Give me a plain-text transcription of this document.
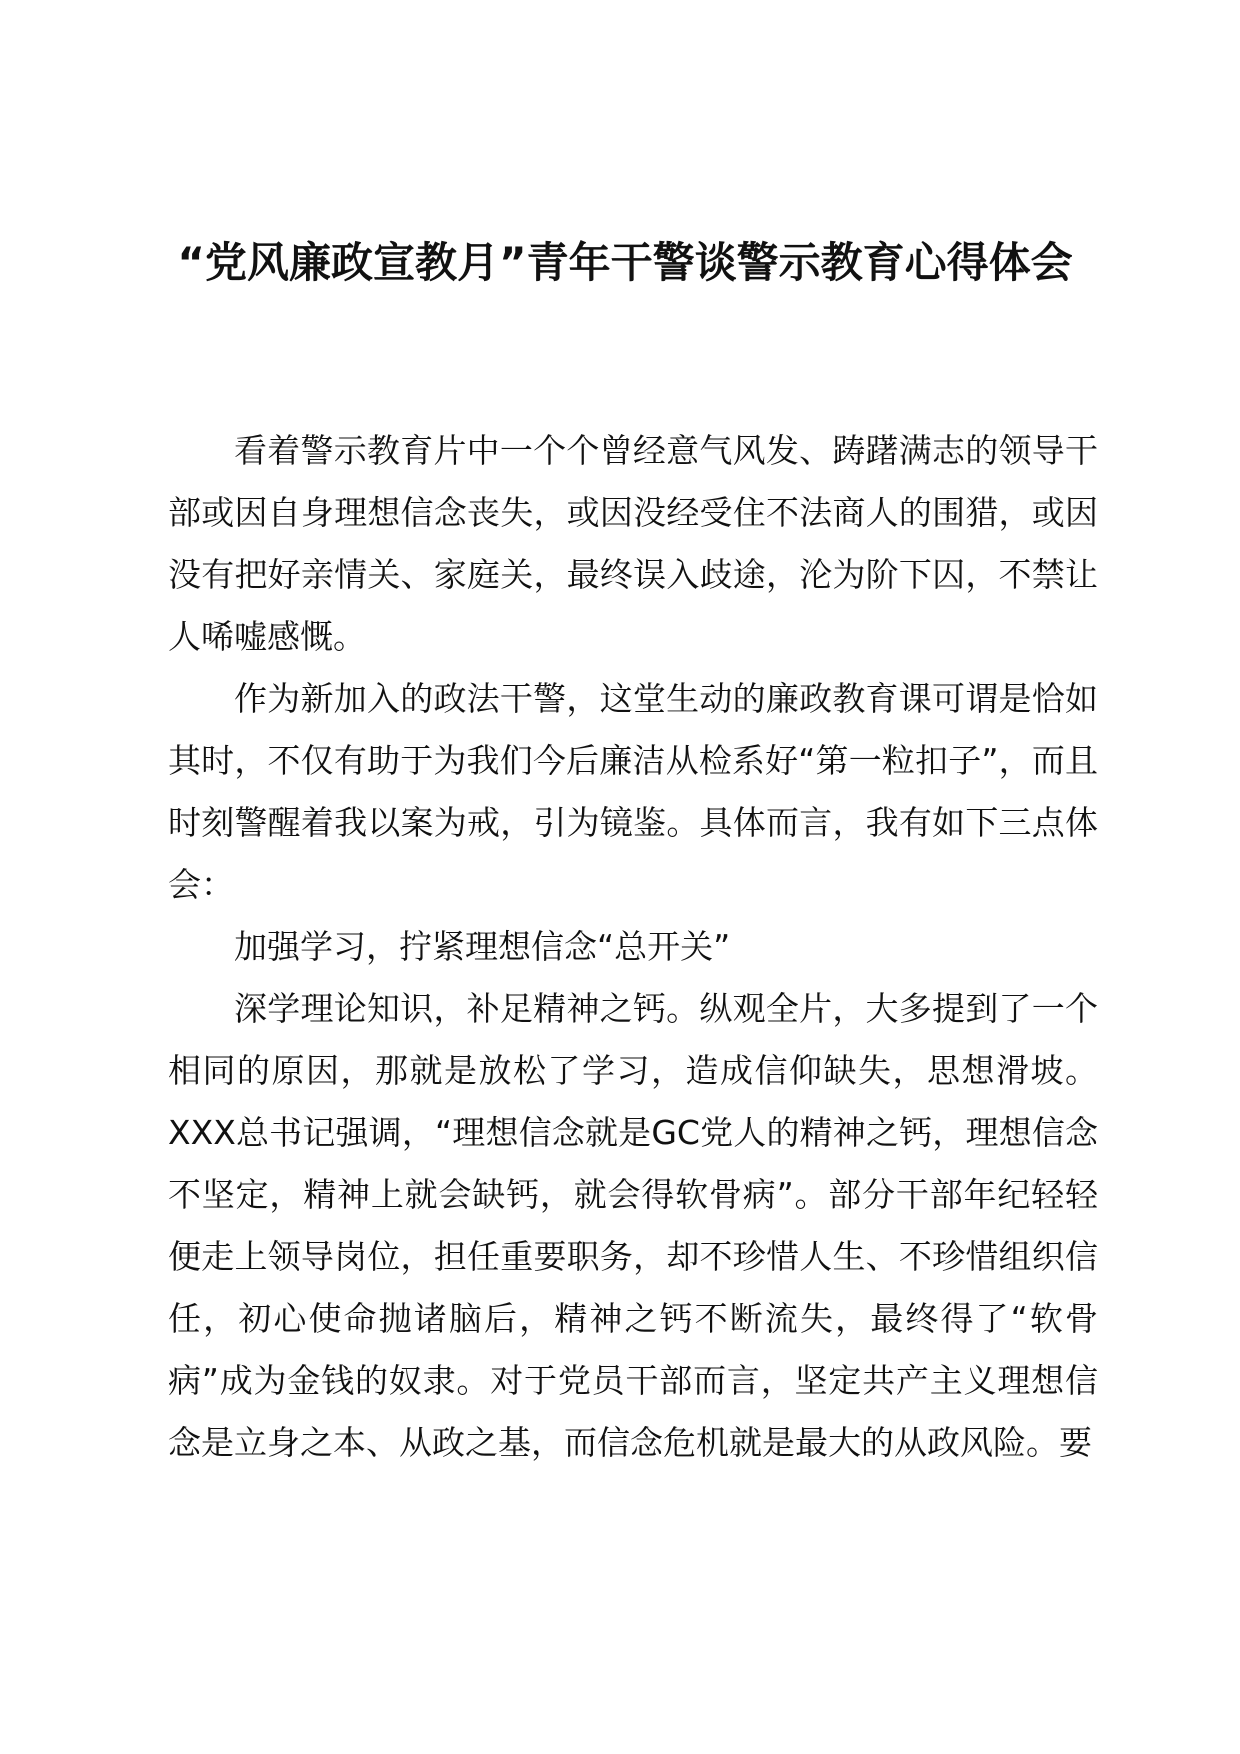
“党风廉政宣教月”青年干警谈警示教育心得体会

看着警示教育片中一个个曾经意气风发、踌躇满志的领导干部或因自身理想信念丧失，或因没经受住不法商人的围猎，或因没有把好亲情关、家庭关，最终误入歧途，沦为阶下囚，不禁让人唏嘘感慨。

作为新加入的政法干警，这堂生动的廉政教育课可谓是恰如其时，不仅有助于为我们今后廉洁从检系好“第一粒扣子”，而且时刻警醒着我以案为戒，引为镜鉴。具体而言，我有如下三点体会：

加强学习，拧紧理想信念“总开关”

深学理论知识，补足精神之钙。纵观全片，大多提到了一个相同的原因，那就是放松了学习，造成信仰缺失，思想滑坡。XXX总书记强调，“理想信念就是GC党人的精神之钙，理想信念不坚定，精神上就会缺钙，就会得软骨病”。部分干部年纪轻轻便走上领导岗位，担任重要职务，却不珍惜人生、不珍惜组织信任，初心使命抛诸脑后，精神之钙不断流失，最终得了“软骨病”成为金钱的奴隶。对于党员干部而言，坚定共产主义理想信念是立身之本、从政之基，而信念危机就是最大的从政风险。要
